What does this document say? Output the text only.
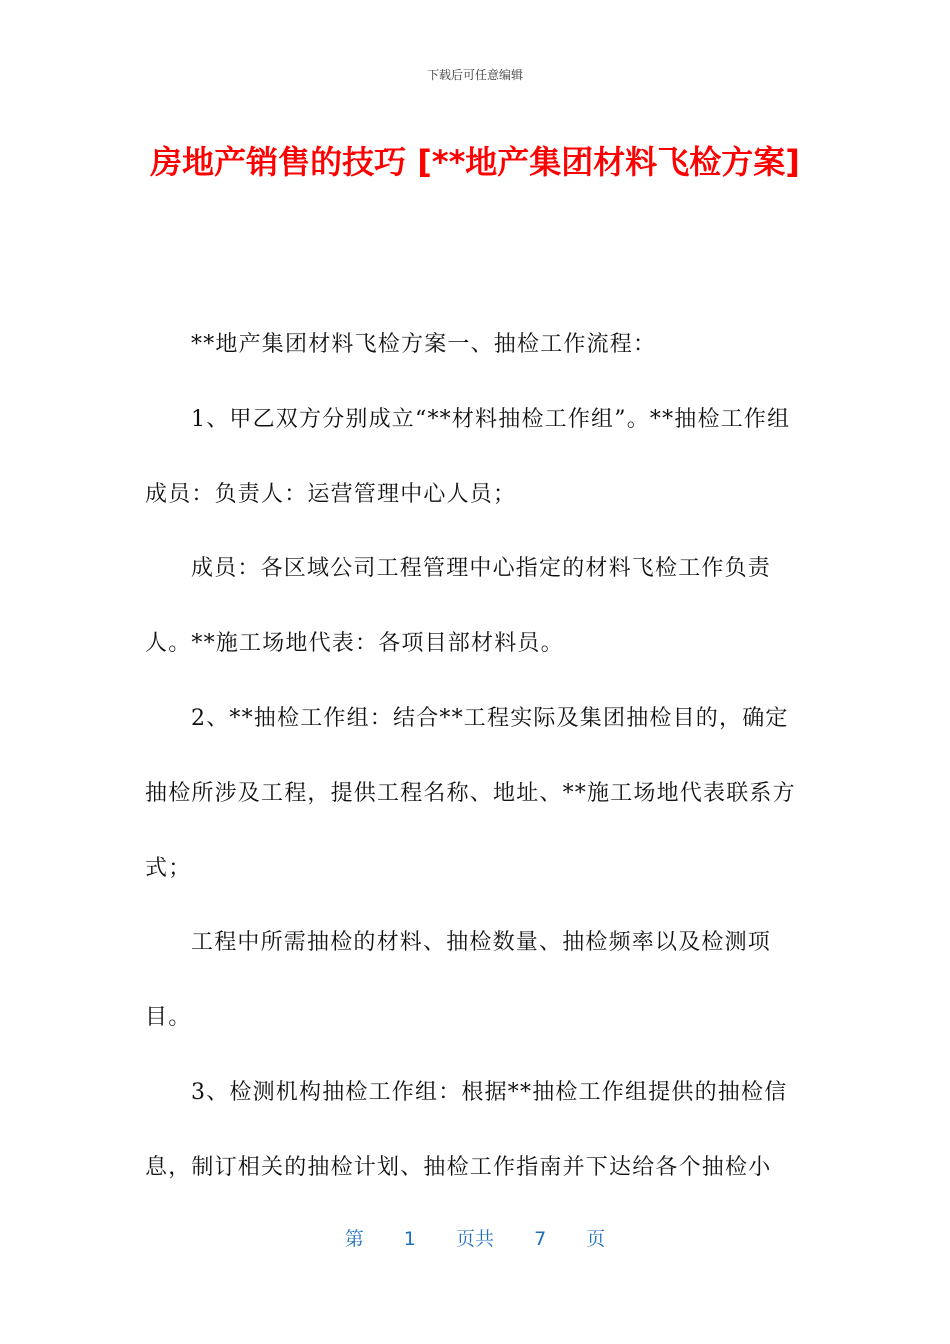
下载后可任意编辑
房地产销售的技巧 [**地产集团材料飞检方案]

**地产集团材料飞检方案一、抽检工作流程：

1、甲乙双方分别成立“**材料抽检工作组”。**抽检工作组成员：负责人：运营管理中心人员；

成员：各区域公司工程管理中心指定的材料飞检工作负责人。**施工场地代表：各项目部材料员。

2、**抽检工作组：结合**工程实际及集团抽检目的，确定抽检所涉及工程，提供工程名称、地址、**施工场地代表联系方式；

工程中所需抽检的材料、抽检数量、抽检频率以及检测项目。

3、检测机构抽检工作组：根据**抽检工作组提供的抽检信息，制订相关的抽检计划、抽检工作指南并下达给各个抽检小

第 1 页共 7 页
